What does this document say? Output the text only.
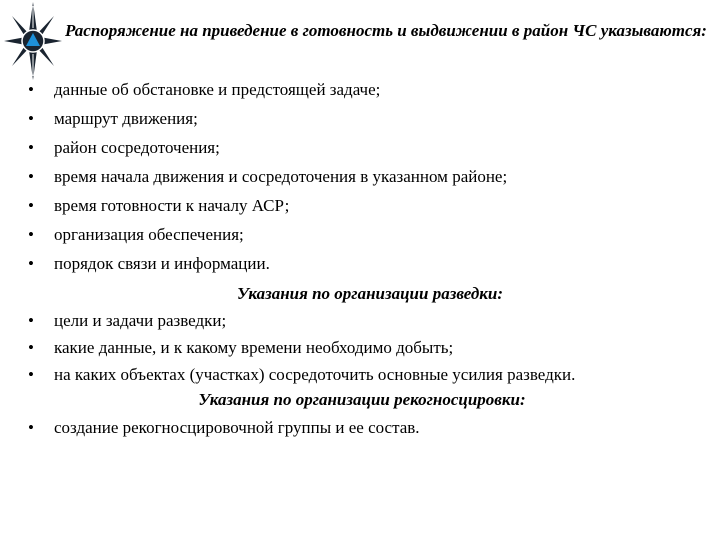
Распоряжение на приведение в готовность и выдвижении в район ЧС указываются:
• данные об обстановке и предстоящей задаче;
• маршрут движения;
• район сосредоточения;
• время начала движения и сосредоточения в указанном районе;
• время готовности к началу АСР;
• организация обеспечения;
• порядок связи и информации.
Указания по организации разведки:
• цели и задачи разведки;
• какие данные, и к какому времени необходимо добыть;
• на каких объектах (участках) сосредоточить основные усилия разведки.
Указания по организации рекогносцировки:
• создание рекогносцировочной группы и ее состав.
